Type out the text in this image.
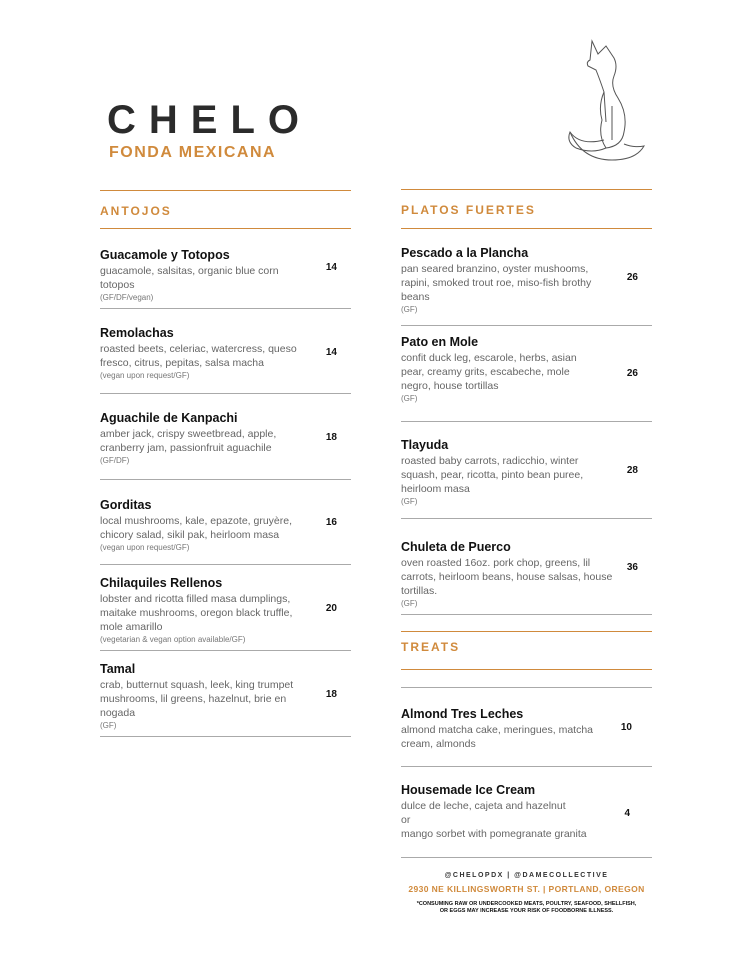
CHELO
FONDA MEXICANA
ANTOJOS
Guacamole y Totopos
guacamole, salsitas, organic blue corn totopos
(GF/DF/vegan)
14
Remolachas
roasted beets, celeriac, watercress, queso fresco, citrus, pepitas, salsa macha
(vegan upon request/GF)
14
Aguachile de Kanpachi
amber jack, crispy sweetbread, apple, cranberry jam, passionfruit aguachile
(GF/DF)
18
Gorditas
local mushrooms, kale, epazote, gruyère, chicory salad, sikil pak, heirloom masa
(vegan upon request/GF)
16
Chilaquiles Rellenos
lobster and ricotta filled masa dumplings, maitake mushrooms, oregon black truffle, mole amarillo
(vegetarian & vegan option available/GF)
20
Tamal
crab, butternut squash, leek, king trumpet mushrooms, lil greens, hazelnut, brie en nogada
(GF)
18
PLATOS FUERTES
Pescado a la Plancha
pan seared branzino, oyster mushooms, rapini, smoked trout roe, miso-fish brothy beans
(GF)
26
Pato en Mole
confit duck leg, escarole, herbs, asian pear, creamy grits, escabeche, mole negro, house tortillas
(GF)
26
Tlayuda
roasted baby carrots, radicchio, winter squash, pear, ricotta, pinto bean puree, heirloom masa
(GF)
28
Chuleta de Puerco
oven roasted 16oz. pork chop, greens, lil carrots, heirloom beans, house salsas, house tortillas.
(GF)
36
TREATS
Almond Tres Leches
almond matcha cake, meringues, matcha cream, almonds
10
Housemade Ice Cream
dulce de leche, cajeta and hazelnut
or
mango sorbet with pomegranate granita
4
@CHELOPDX | @DAMECOLLECTIVE
2930 NE KILLINGSWORTH ST. | PORTLAND, OREGON
*CONSUMING RAW OR UNDERCOOKED MEATS, POULTRY, SEAFOOD, SHELLFISH,
OR EGGS MAY INCREASE YOUR RISK OF FOODBORNE ILLNESS.
